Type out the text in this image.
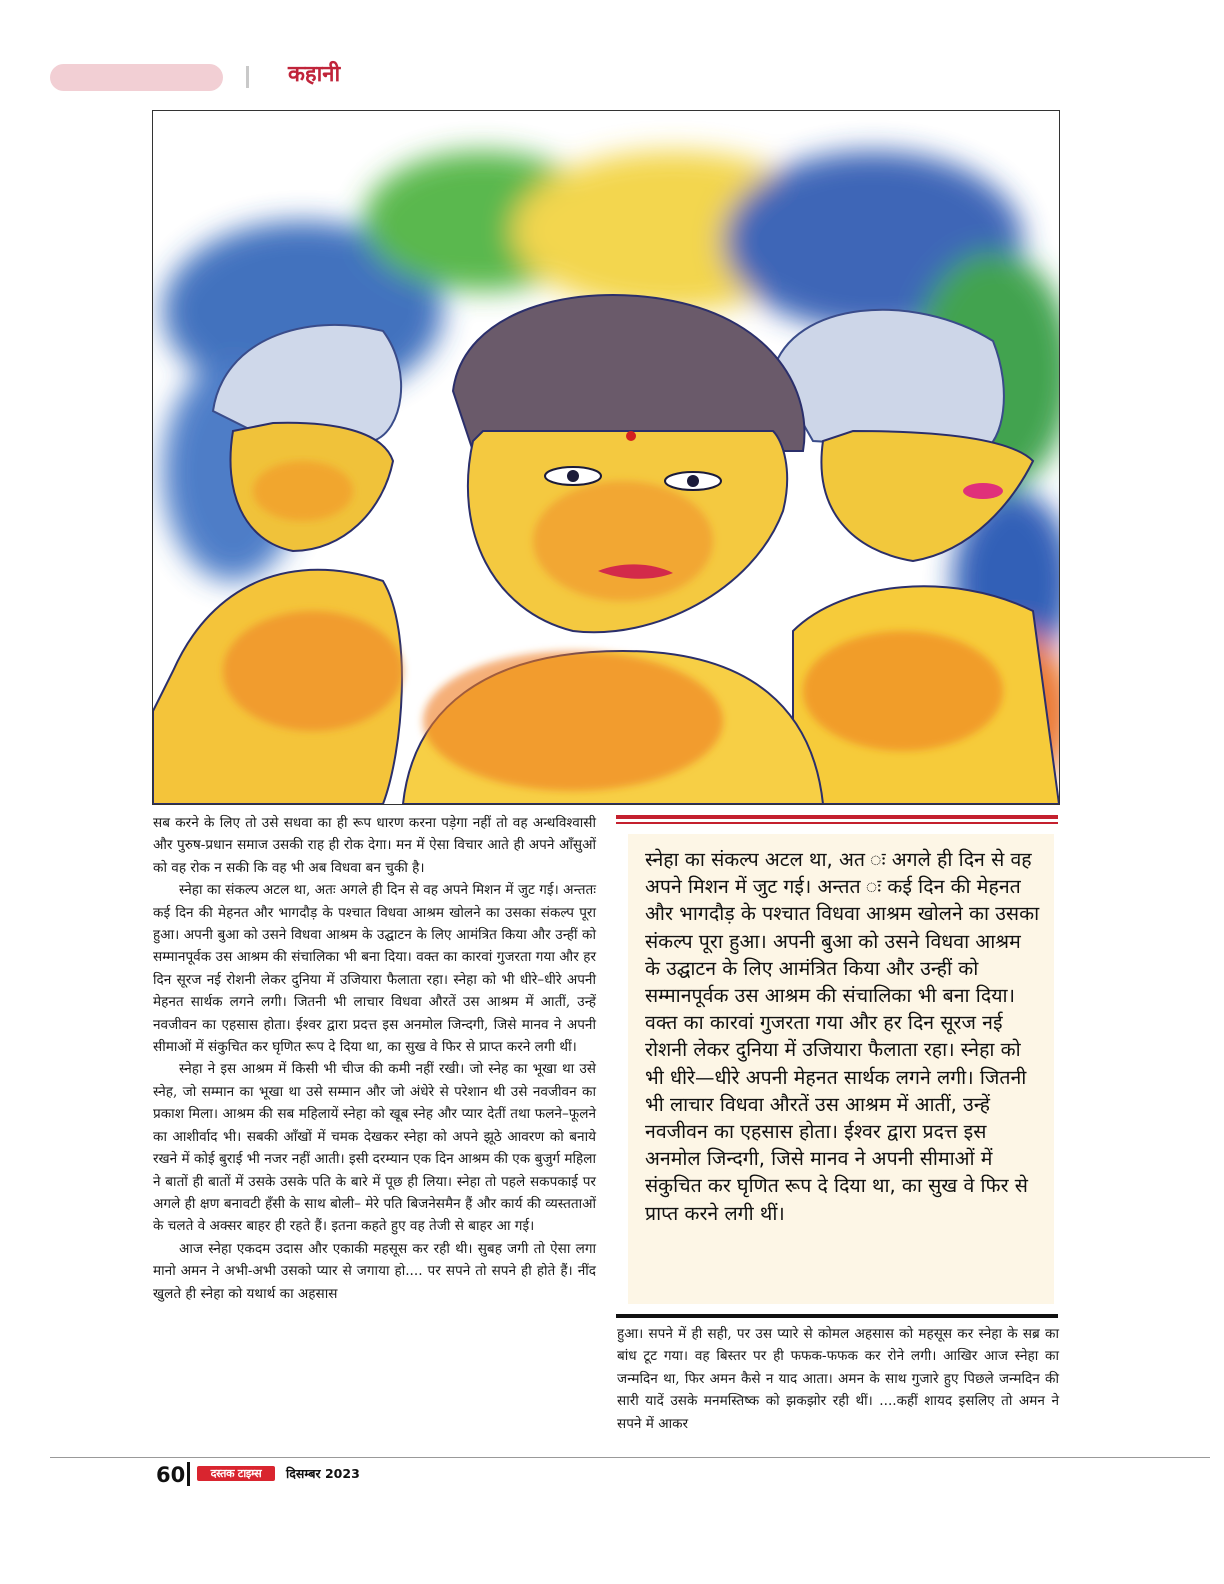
कहानी

सब करने के लिए तो उसे सधवा का ही रूप धारण करना पड़ेगा नहीं तो वह अन्धविश्वासी और पुरुष-प्रधान समाज उसकी राह ही रोक देगा। मन में ऐसा विचार आते ही अपने आँसुओं को वह रोक न सकी कि वह भी अब विधवा बन चुकी है।

स्नेहा का संकल्प अटल था, अतः अगले ही दिन से वह अपने मिशन में जुट गई। अन्ततः कई दिन की मेहनत और भागदौड़ के पश्चात विधवा आश्रम खोलने का उसका संकल्प पूरा हुआ। अपनी बुआ को उसने विधवा आश्रम के उद्घाटन के लिए आमंत्रित किया और उन्हीं को सम्मानपूर्वक उस आश्रम की संचालिका भी बना दिया। वक्त का कारवां गुजरता गया और हर दिन सूरज नई रोशनी लेकर दुनिया में उजियारा फैलाता रहा। स्नेहा को भी धीरे–धीरे अपनी मेहनत सार्थक लगने लगी। जितनी भी लाचार विधवा औरतें उस आश्रम में आतीं, उन्हें नवजीवन का एहसास होता। ईश्वर द्वारा प्रदत्त इस अनमोल जिन्दगी, जिसे मानव ने अपनी सीमाओं में संकुचित कर घृणित रूप दे दिया था, का सुख वे फिर से प्राप्त करने लगी थीं।

स्नेहा ने इस आश्रम में किसी भी चीज की कमी नहीं रखी। जो स्नेह का भूखा था उसे स्नेह, जो सम्मान का भूखा था उसे सम्मान और जो अंधेरे से परेशान थी उसे नवजीवन का प्रकाश मिला। आश्रम की सब महिलायें स्नेहा को खूब स्नेह और प्यार देतीं तथा फलने–फूलने का आशीर्वाद भी। सबकी आँखों में चमक देखकर स्नेहा को अपने झूठे आवरण को बनाये रखने में कोई बुराई भी नजर नहीं आती। इसी दरम्यान एक दिन आश्रम की एक बुजुर्ग महिला ने बातों ही बातों में उसके उसके पति के बारे में पूछ ही लिया। स्नेहा तो पहले सकपकाई पर अगले ही क्षण बनावटी हँसी के साथ बोली– मेरे पति बिजनेसमैन हैं और कार्य की व्यस्तताओं के चलते वे अक्सर बाहर ही रहते हैं। इतना कहते हुए वह तेजी से बाहर आ गई।

आज स्नेहा एकदम उदास और एकाकी महसूस कर रही थी। सुबह जगी तो ऐसा लगा मानो अमन ने अभी-अभी उसको प्यार से जगाया हो.... पर सपने तो सपने ही होते हैं। नींद खुलते ही स्नेहा को यथार्थ का अहसास

स्नेहा का संकल्प अटल था, अत ः अगले ही दिन से वह अपने मिशन में जुट गई। अन्तत ः कई दिन की मेहनत और भागदौड़ के पश्चात विधवा आश्रम खोलने का उसका संकल्प पूरा हुआ। अपनी बुआ को उसने विधवा आश्रम के उद्घाटन के लिए आमंत्रित किया और उन्हीं को सम्मानपूर्वक उस आश्रम की संचालिका भी बना दिया। वक्त का कारवां गुजरता गया और हर दिन सूरज नई रोशनी लेकर दुनिया में उजियारा फैलाता रहा। स्नेहा को भी धीरे—धीरे अपनी मेहनत सार्थक लगने लगी। जितनी भी लाचार विधवा औरतें उस आश्रम में आतीं, उन्हें नवजीवन का एहसास होता। ईश्वर द्वारा प्रदत्त इस अनमोल जिन्दगी, जिसे मानव ने अपनी सीमाओं में संकुचित कर घृणित रूप दे दिया था, का सुख वे फिर से प्राप्त करने लगी थीं।

हुआ। सपने में ही सही, पर उस प्यारे से कोमल अहसास को महसूस कर स्नेहा के सब्र का बांध टूट गया। वह बिस्तर पर ही फफक-फफक कर रोने लगी। आखिर आज स्नेहा का जन्मदिन था, फिर अमन कैसे न याद आता। अमन के साथ गुजारे हुए पिछले जन्मदिन की सारी यादें उसके मनमस्तिष्क को झकझोर रही थीं। ....कहीं शायद इसलिए तो अमन ने सपने में आकर

60	दस्तक टाइम्स	दिसम्बर 2023
